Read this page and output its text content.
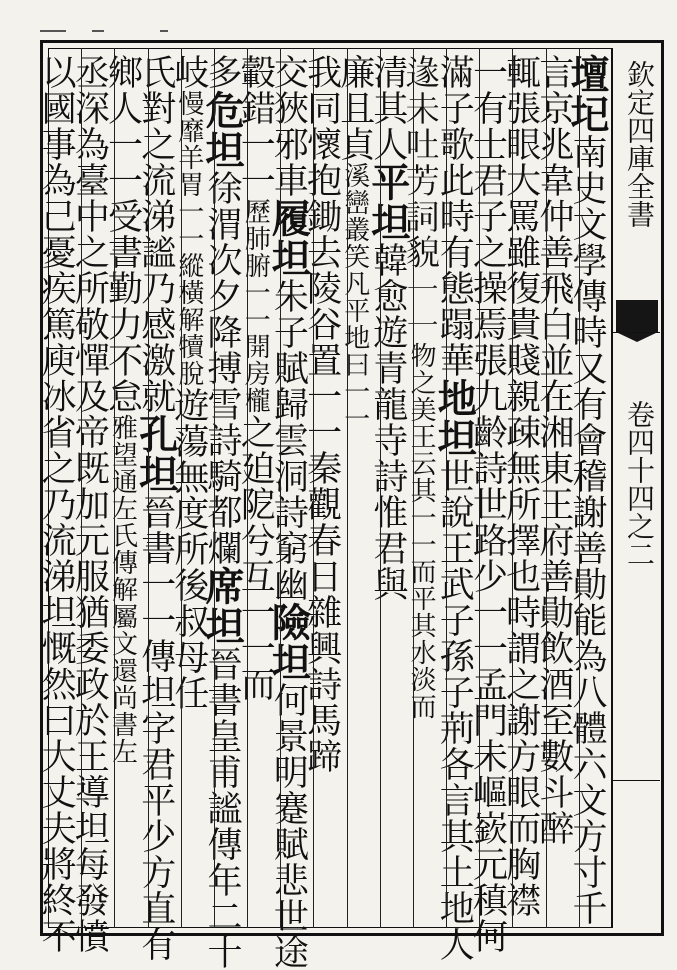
欽定四庫全書
卷四十四之二
壇𡉏南史文學傳時又有會稽謝善勛能為八體六文方寸千
言京兆韋仲善飛白並在湘東王府善勛飲酒至數斗醉
輒張眼大罵雖復貴賤親疎無所擇也時謂之謝方眼而胸襟
一有士君子之操焉張九齡詩世路少一一孟門未嶇嶔元稹何
滿子歌此時有態蹋華地坦世說王武子孫子荊各言其土地人
𨔵未吐芳詞貌一一物之美王云其一一而平其水淡而
清其人平坦韓愈遊青龍寺詩惟君與
廉且貞溪巒叢笑凡平地曰一一
我同懷抱鋤去陵谷置一一秦觀春日雜興詩馬蹄
交狹邪車履坦朱子賦歸雲洞詩窮幽險坦何景明蹇賦悲世途
轂錯一一歷肺腑一一開房櫳之廹阸兮互一一而
多危坦徐渭次夕降搏雪詩騎都爛席坦晉書皇甫謐傳年二十
岐慢靡羊胃一一縱橫解犢脫遊蕩無度所後叔母任
氏對之流涕謐乃感激就孔坦晉書一一傳坦字君平少方直有
鄉人一一受書勤力不怠雅望通左氏傳解屬文還尚書左
丞深為臺中之所敬憚及帝既加元服猶委政於王導坦每發憤
以國事為己憂疾篤庾冰省之乃流涕坦慨然曰大丈夫將終不
